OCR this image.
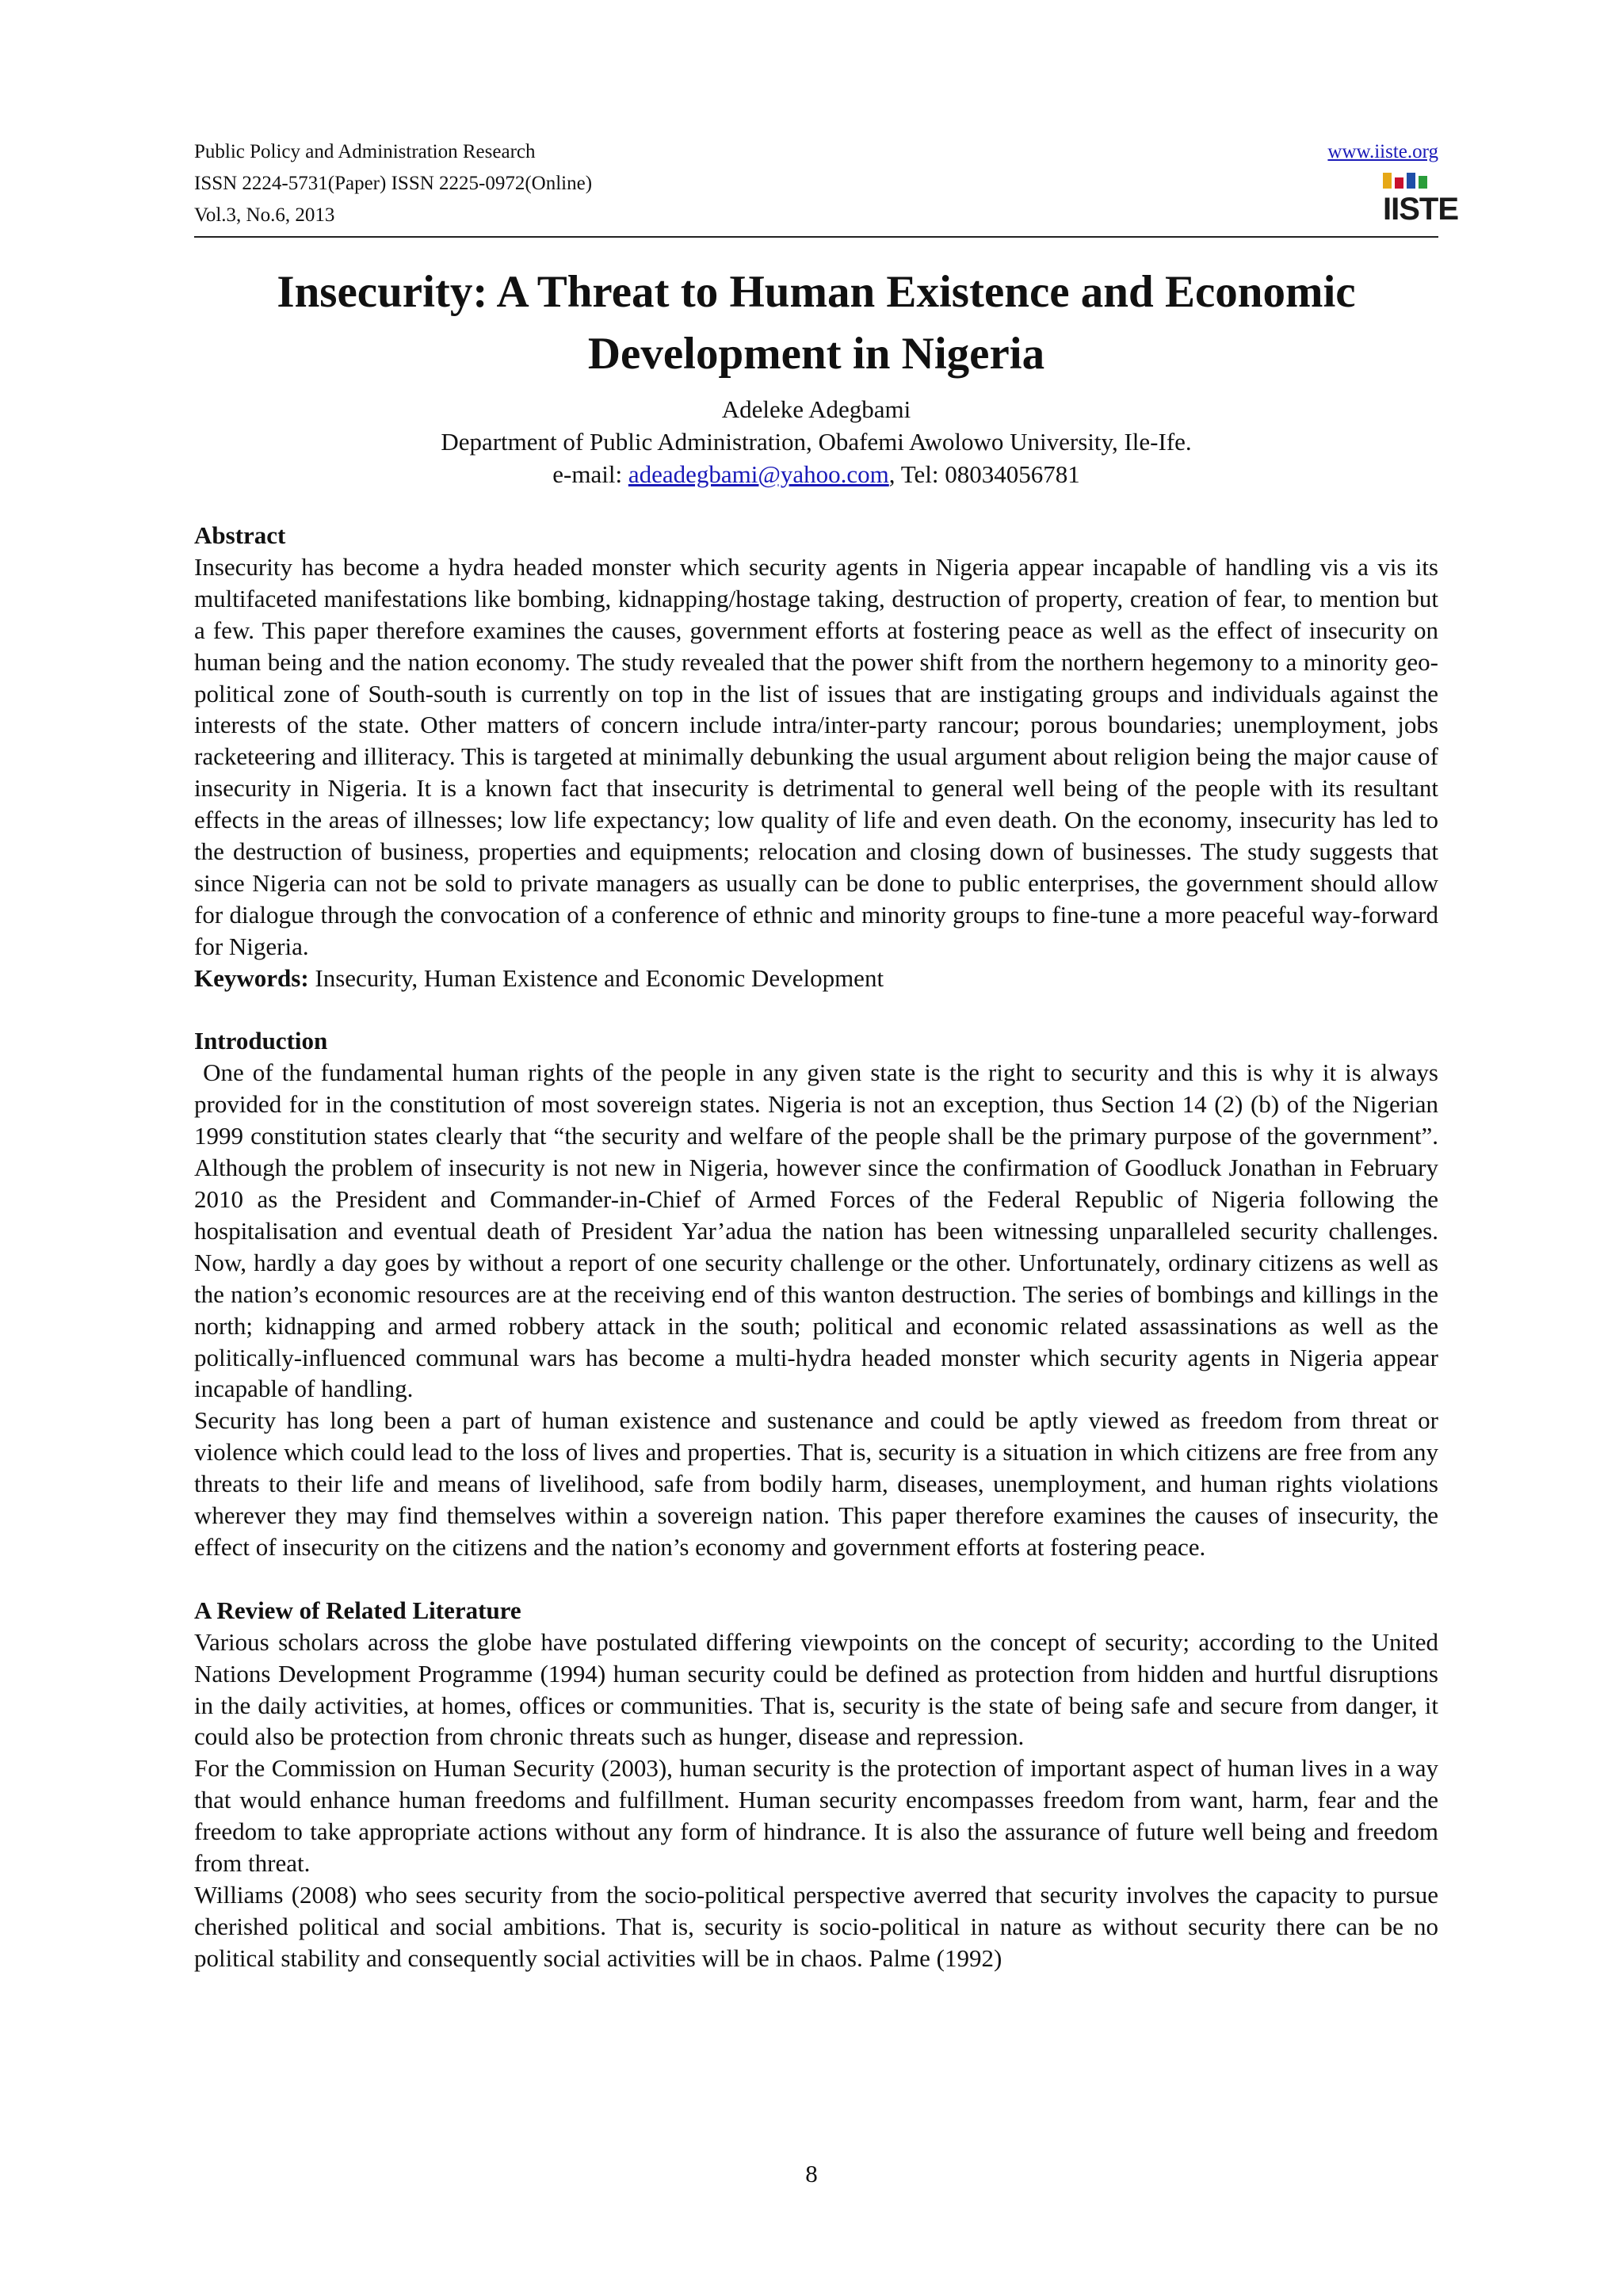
Public Policy and Administration Research

ISSN 2224-5731(Paper) ISSN 2225-0972(Online)

Vol.3, No.6, 2013

www.iiste.org
IISTE
Insecurity: A Threat to Human Existence and Economic Development in Nigeria
Adeleke Adegbami
Department of Public Administration, Obafemi Awolowo University, Ile-Ife.
e-mail: adeadegbami@yahoo.com, Tel: 08034056781

Abstract

Insecurity has become a hydra headed monster which security agents in Nigeria appear incapable of handling vis a vis its multifaceted manifestations like bombing, kidnapping/hostage taking, destruction of property, creation of fear, to mention but a few. This paper therefore examines the causes, government efforts at fostering peace as well as the effect of insecurity on human being and the nation economy. The study revealed that the power shift from the northern hegemony to a minority geo-political zone of South-south is currently on top in the list of issues that are instigating groups and individuals against the interests of the state. Other matters of concern include intra/inter-party rancour; porous boundaries; unemployment, jobs racketeering and illiteracy. This is targeted at minimally debunking the usual argument about religion being the major cause of insecurity in Nigeria. It is a known fact that insecurity is detrimental to general well being of the people with its resultant effects in the areas of illnesses; low life expectancy; low quality of life and even death. On the economy, insecurity has led to the destruction of business, properties and equipments; relocation and closing down of businesses. The study suggests that since Nigeria can not be sold to private managers as usually can be done to public enterprises, the government should allow for dialogue through the convocation of a conference of ethnic and minority groups to fine-tune a more peaceful way-forward for Nigeria.

Keywords: Insecurity, Human Existence and Economic Development

Introduction

One of the fundamental human rights of the people in any given state is the right to security and this is why it is always provided for in the constitution of most sovereign states. Nigeria is not an exception, thus Section 14 (2) (b) of the Nigerian 1999 constitution states clearly that “the security and welfare of the people shall be the primary purpose of the government”. Although the problem of insecurity is not new in Nigeria, however since the confirmation of Goodluck Jonathan in February 2010 as the President and Commander-in-Chief of Armed Forces of the Federal Republic of Nigeria following the hospitalisation and eventual death of President Yar’adua the nation has been witnessing unparalleled security challenges. Now, hardly a day goes by without a report of one security challenge or the other. Unfortunately, ordinary citizens as well as the nation’s economic resources are at the receiving end of this wanton destruction. The series of bombings and killings in the north; kidnapping and armed robbery attack in the south; political and economic related assassinations as well as the politically-influenced communal wars has become a multi-hydra headed monster which security agents in Nigeria appear incapable of handling.

Security has long been a part of human existence and sustenance and could be aptly viewed as freedom from threat or violence which could lead to the loss of lives and properties. That is, security is a situation in which citizens are free from any threats to their life and means of livelihood, safe from bodily harm, diseases, unemployment, and human rights violations wherever they may find themselves within a sovereign nation. This paper therefore examines the causes of insecurity, the effect of insecurity on the citizens and the nation’s economy and government efforts at fostering peace.

A Review of Related Literature

Various scholars across the globe have postulated differing viewpoints on the concept of security; according to the United Nations Development Programme (1994) human security could be defined as protection from hidden and hurtful disruptions in the daily activities, at homes, offices or communities. That is, security is the state of being safe and secure from danger, it could also be protection from chronic threats such as hunger, disease and repression.

For the Commission on Human Security (2003), human security is the protection of important aspect of human lives in a way that would enhance human freedoms and fulfillment. Human security encompasses freedom from want, harm, fear and the freedom to take appropriate actions without any form of hindrance. It is also the assurance of future well being and freedom from threat.

Williams (2008) who sees security from the socio-political perspective averred that security involves the capacity to pursue cherished political and social ambitions. That is, security is socio-political in nature as without security there can be no political stability and consequently social activities will be in chaos. Palme (1992)

8
